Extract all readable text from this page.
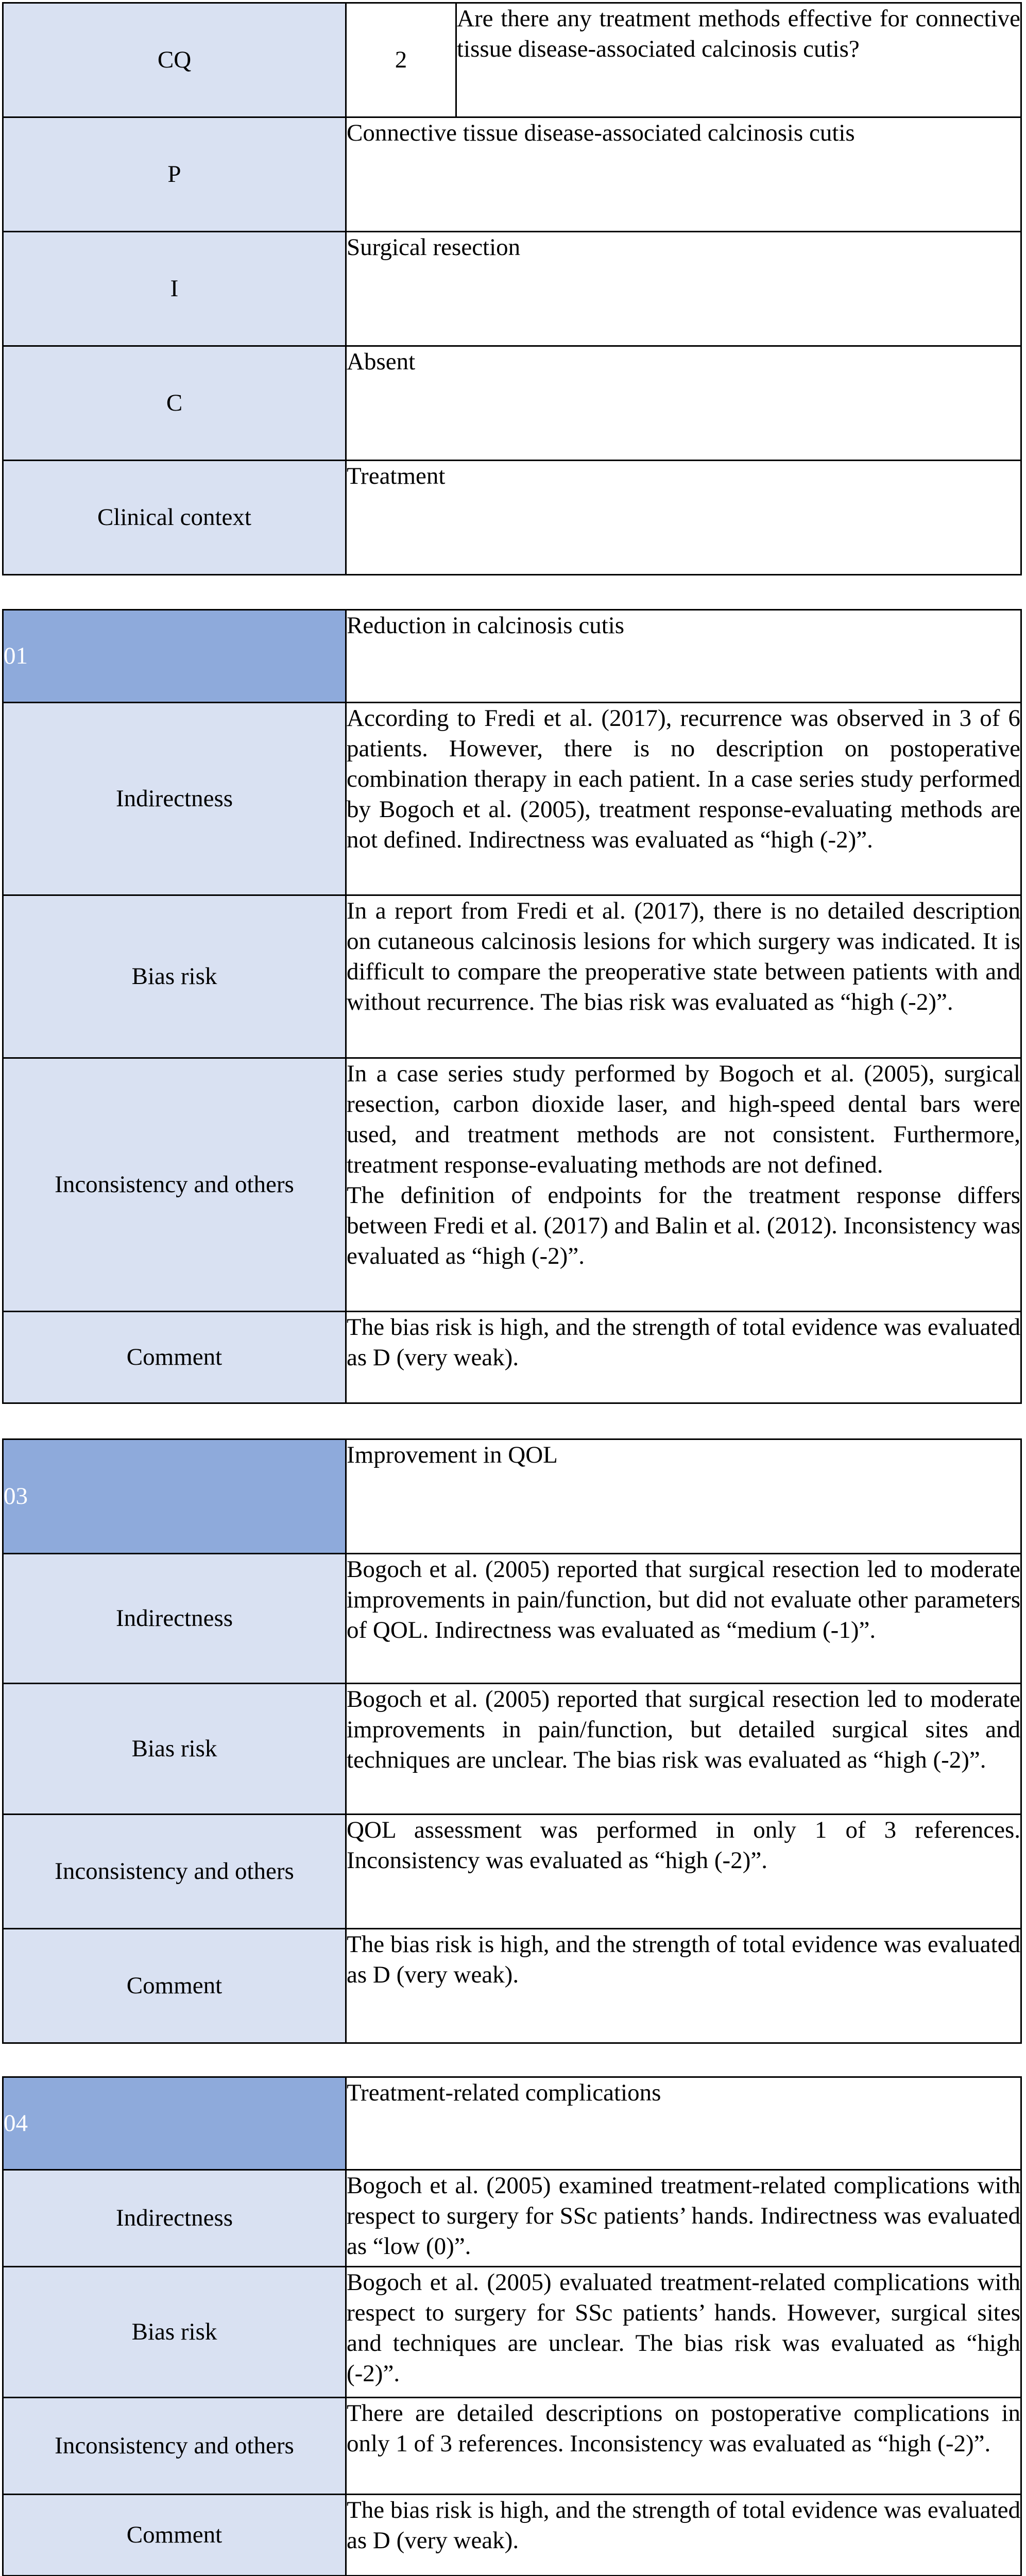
CQ	2	Are there any treatment methods effective for connective tissue disease-associated calcinosis cutis?
P	Connective tissue disease-associated calcinosis cutis	
I	Surgical resection	
C	Absent	
Clinical context	Treatment	
01	Reduction in calcinosis cutis
Indirectness	According to Fredi et al. (2017), recurrence was observed in 3 of 6 patients. However, there is no description on postoperative combination therapy in each patient. In a case series study performed by Bogoch et al. (2005), treatment response-evaluating methods are not defined. Indirectness was evaluated as “high (-2)”.
Bias risk	In a report from Fredi et al. (2017), there is no detailed description on cutaneous calcinosis lesions for which surgery was indicated. It is difficult to compare the preoperative state between patients with and without recurrence. The bias risk was evaluated as “high (-2)”.
Inconsistency and others	In a case series study performed by Bogoch et al. (2005), surgical resection, carbon dioxide laser, and high-speed dental bars were used, and treatment methods are not consistent. Furthermore, treatment response-evaluating methods are not defined.
The definition of endpoints for the treatment response differs between Fredi et al. (2017) and Balin et al. (2012). Inconsistency was evaluated as “high (-2)”.

Comment	The bias risk is high, and the strength of total evidence was evaluated as D (very weak).
03	Improvement in QOL
Indirectness	Bogoch et al. (2005) reported that surgical resection led to moderate improvements in pain/function, but did not evaluate other parameters of QOL. Indirectness was evaluated as “medium (-1)”.
Bias risk	Bogoch et al. (2005) reported that surgical resection led to moderate improvements in pain/function, but detailed surgical sites and techniques are unclear. The bias risk was evaluated as “high (-2)”.
Inconsistency and others	QOL assessment was performed in only 1 of 3 references. Inconsistency was evaluated as “high (-2)”.
Comment	The bias risk is high, and the strength of total evidence was evaluated as D (very weak).
04	Treatment-related complications
Indirectness	Bogoch et al. (2005) examined treatment-related complications with respect to surgery for SSc patients’ hands. Indirectness was evaluated as “low (0)”.
Bias risk	Bogoch et al. (2005) evaluated treatment-related complications with respect to surgery for SSc patients’ hands. However, surgical sites and techniques are unclear. The bias risk was evaluated as “high (-2)”.
Inconsistency and others	There are detailed descriptions on postoperative complications in only 1 of 3 references. Inconsistency was evaluated as “high (-2)”.
Comment	The bias risk is high, and the strength of total evidence was evaluated as D (very weak).
